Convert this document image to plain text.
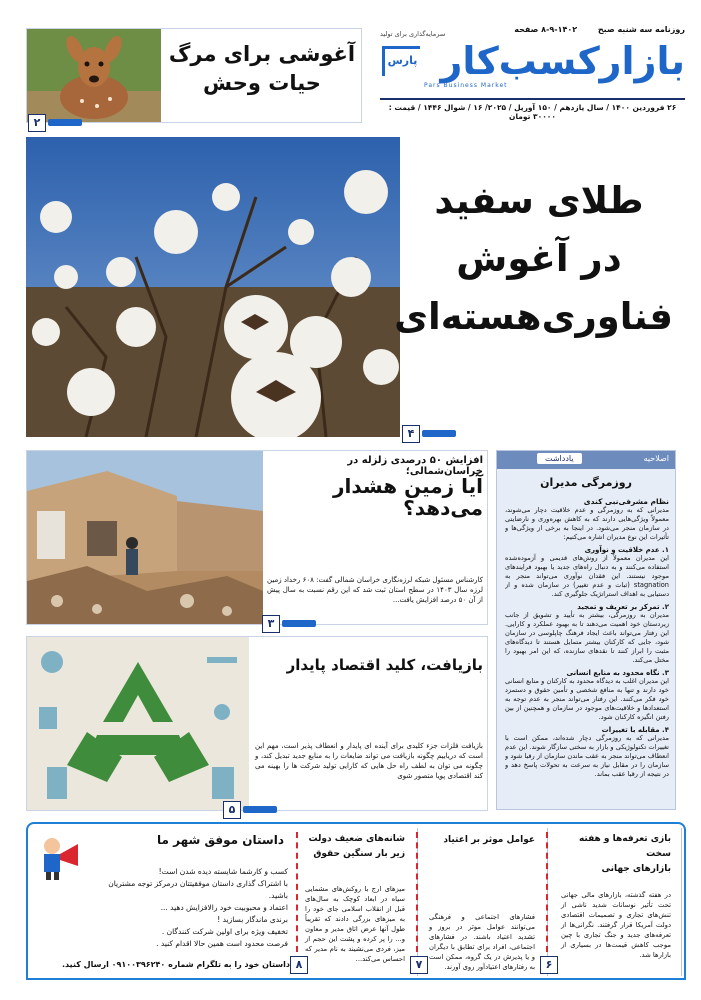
روزنامه سه شنبه صبح ۱۴۰۲-۹-۸ صفحه
بازارکسب‌کار
پارس
Pars Business Market
سرمایه‌گذاری برای تولید
۲۶ فروردین ۱۴۰۰ / سال یازدهم / ۱۵۰ آوریل / ۲۰۲۵/ ۱۶ / شوال ۱۴۴۶ / قیمت : ۳۰۰۰۰ تومان
آغوشی برای مرگ
حیات وحش
۲
طلای سفید
در آغوش
فناوری‌هسته‌ای
۴
افزایش ۵۰ درصدی زلزله در خراسان‌شمالی؛
آیا زمین هشدار می‌دهد؟
کارشناس مسئول شبکه لرزه‌نگاری خراسان شمالی گفت: ۶۰۸ رخداد زمین لرزه سال ۱۴۰۳ در سطح استان ثبت شد که این رقم نسبت به سال پیش از آن ۵۰ درصد افزایش یافت...
۳
بازیافت، کلید اقتصاد پایدار
بازیافت فلزات جزء کلیدی برای آینده ای پایدار و انعطاف پذیر است، مهم این است که دریابیم چگونه بازیافت می تواند ضایعات را به منابع جدید تبدیل کند، و چگونه می توان به لطف راه حل هایی که کارایی تولید شرکت ها را بهینه می کند اقتصادی پویا متصور شوی
۵
اصلاحیه
یادداشت
روزمرگی مدیران
نظام مشرفی‌نبی کندی
مدیرانی که به روزمرگی و عدم خلاقیت دچار می‌شوند، معمولاً ویژگی‌هایی دارند که به کاهش بهره‌وری و نارضایتی در سازمان منجر می‌شود. در اینجا به برخی از ویژگی‌ها و تأثیرات این نوع مدیران اشاره می‌کنیم:
۱. عدم خلاقیت و نوآوری
این مدیران معمولاً از روش‌های قدیمی و آزموده‌شده استفاده می‌کنند و به دنبال راه‌های جدید یا بهبود فرایندهای موجود نیستند. این فقدان نوآوری می‌تواند منجر به stagnation (ثبات و عدم تغییر) در سازمان شده و از دستیابی به اهداف استراتژیک جلوگیری کند.
۲. تمرکز بر تعریف و تمجید
مدیران به روزمرگی، بیشتر به تأیید و تشویق از جانب زیردستان خود اهمیت می‌دهند تا به بهبود عملکرد و کارایی. این رفتار می‌تواند باعث ایجاد فرهنگ چاپلوسی در سازمان شود، جایی که کارکنان بیشتر متمایل هستند تا دیدگاه‌های مثبت را ابراز کنند تا نقدهای سازنده، که این امر بهبود را مختل می‌کند.
۳. نگاه محدود به منابع انسانی
این مدیران اغلب به دیدگاه محدود به کارکنان و منابع انسانی خود دارند و تنها به منافع شخصی و تأمین حقوق و دستمزد خود فکر می‌کنند. این رفتار می‌تواند منجر به عدم توجه به استعدادها و خلاقیت‌های موجود در سازمان و همچنین از بین رفتن انگیزه کارکنان شود.
۴. مقابله با تغییرات
مدیرانی که به روزمرگی دچار شده‌اند، ممکن است با تغییرات تکنولوژیکی و بازار به سختی سازگار شوند. این عدم انعطاف می‌تواند منجر به عقب ماندن سازمان از رقبا شود و سازمان را در مقابل نیاز به سرعت به تحولات پاسخ دهد و در نتیجه از رقبا عقب بماند.
داستان موفق شهر ما
کسب و کارشما شایسته دیده شدن است!
با اشتراک گذاری داستان موفقیتتان درمرکز توجه مشتریان باشید.
اعتماد و محبوبیت خود رالافزایش دهید ...
برندی ماندگار بسازید !
تخفیف ویژه برای اولین شرکت کنندگان .
فرصت محدود است همین حالا اقدام کنید .
داستان خود را به تلگرام شماره ۰۹۱۰۰۳۹۶۲۴۰ ارسال کنید.
شانه‌های ضعیف دولت
زیر بار سنگین حقوق
میزهای ارج با روکش‌های مشمایی سیاه در ابعاد کوچک به سال‌های قبل از انقلاب اسلامی جای خود را به میزهای بزرگی دادند که تقریباً طول آنها عرض اتاق مدیر و معاون و... را پر کرده و پشت این حجم از میز، فردی می‌نشیند به نام مدیر که احساس می‌کند...
عوامل موثر بر اعتیاد
فشارهای اجتماعی و فرهنگی می‌توانند عوامل موثر در بروز و تشدید اعتیاد باشند. در فشارهای اجتماعی، افراد برای تطابق با دیگران و یا پذیرش در یک گروه، ممکن است به رفتارهای اعتیادآور روی آورند.
بازی تعرفه‌ها و هفته سخت
بازارهای جهانی
در هفته گذشته، بازارهای مالی جهانی تحت تأثیر نوسانات شدید ناشی از تنش‌های تجاری و تصمیمات اقتصادی دولت آمریکا قرار گرفتند. نگرانی‌ها از تعرفه‌های جدید و جنگ تجاری با چین موجب کاهش قیمت‌ها در بسیاری از بازارها شد.
۸	۷	۶
